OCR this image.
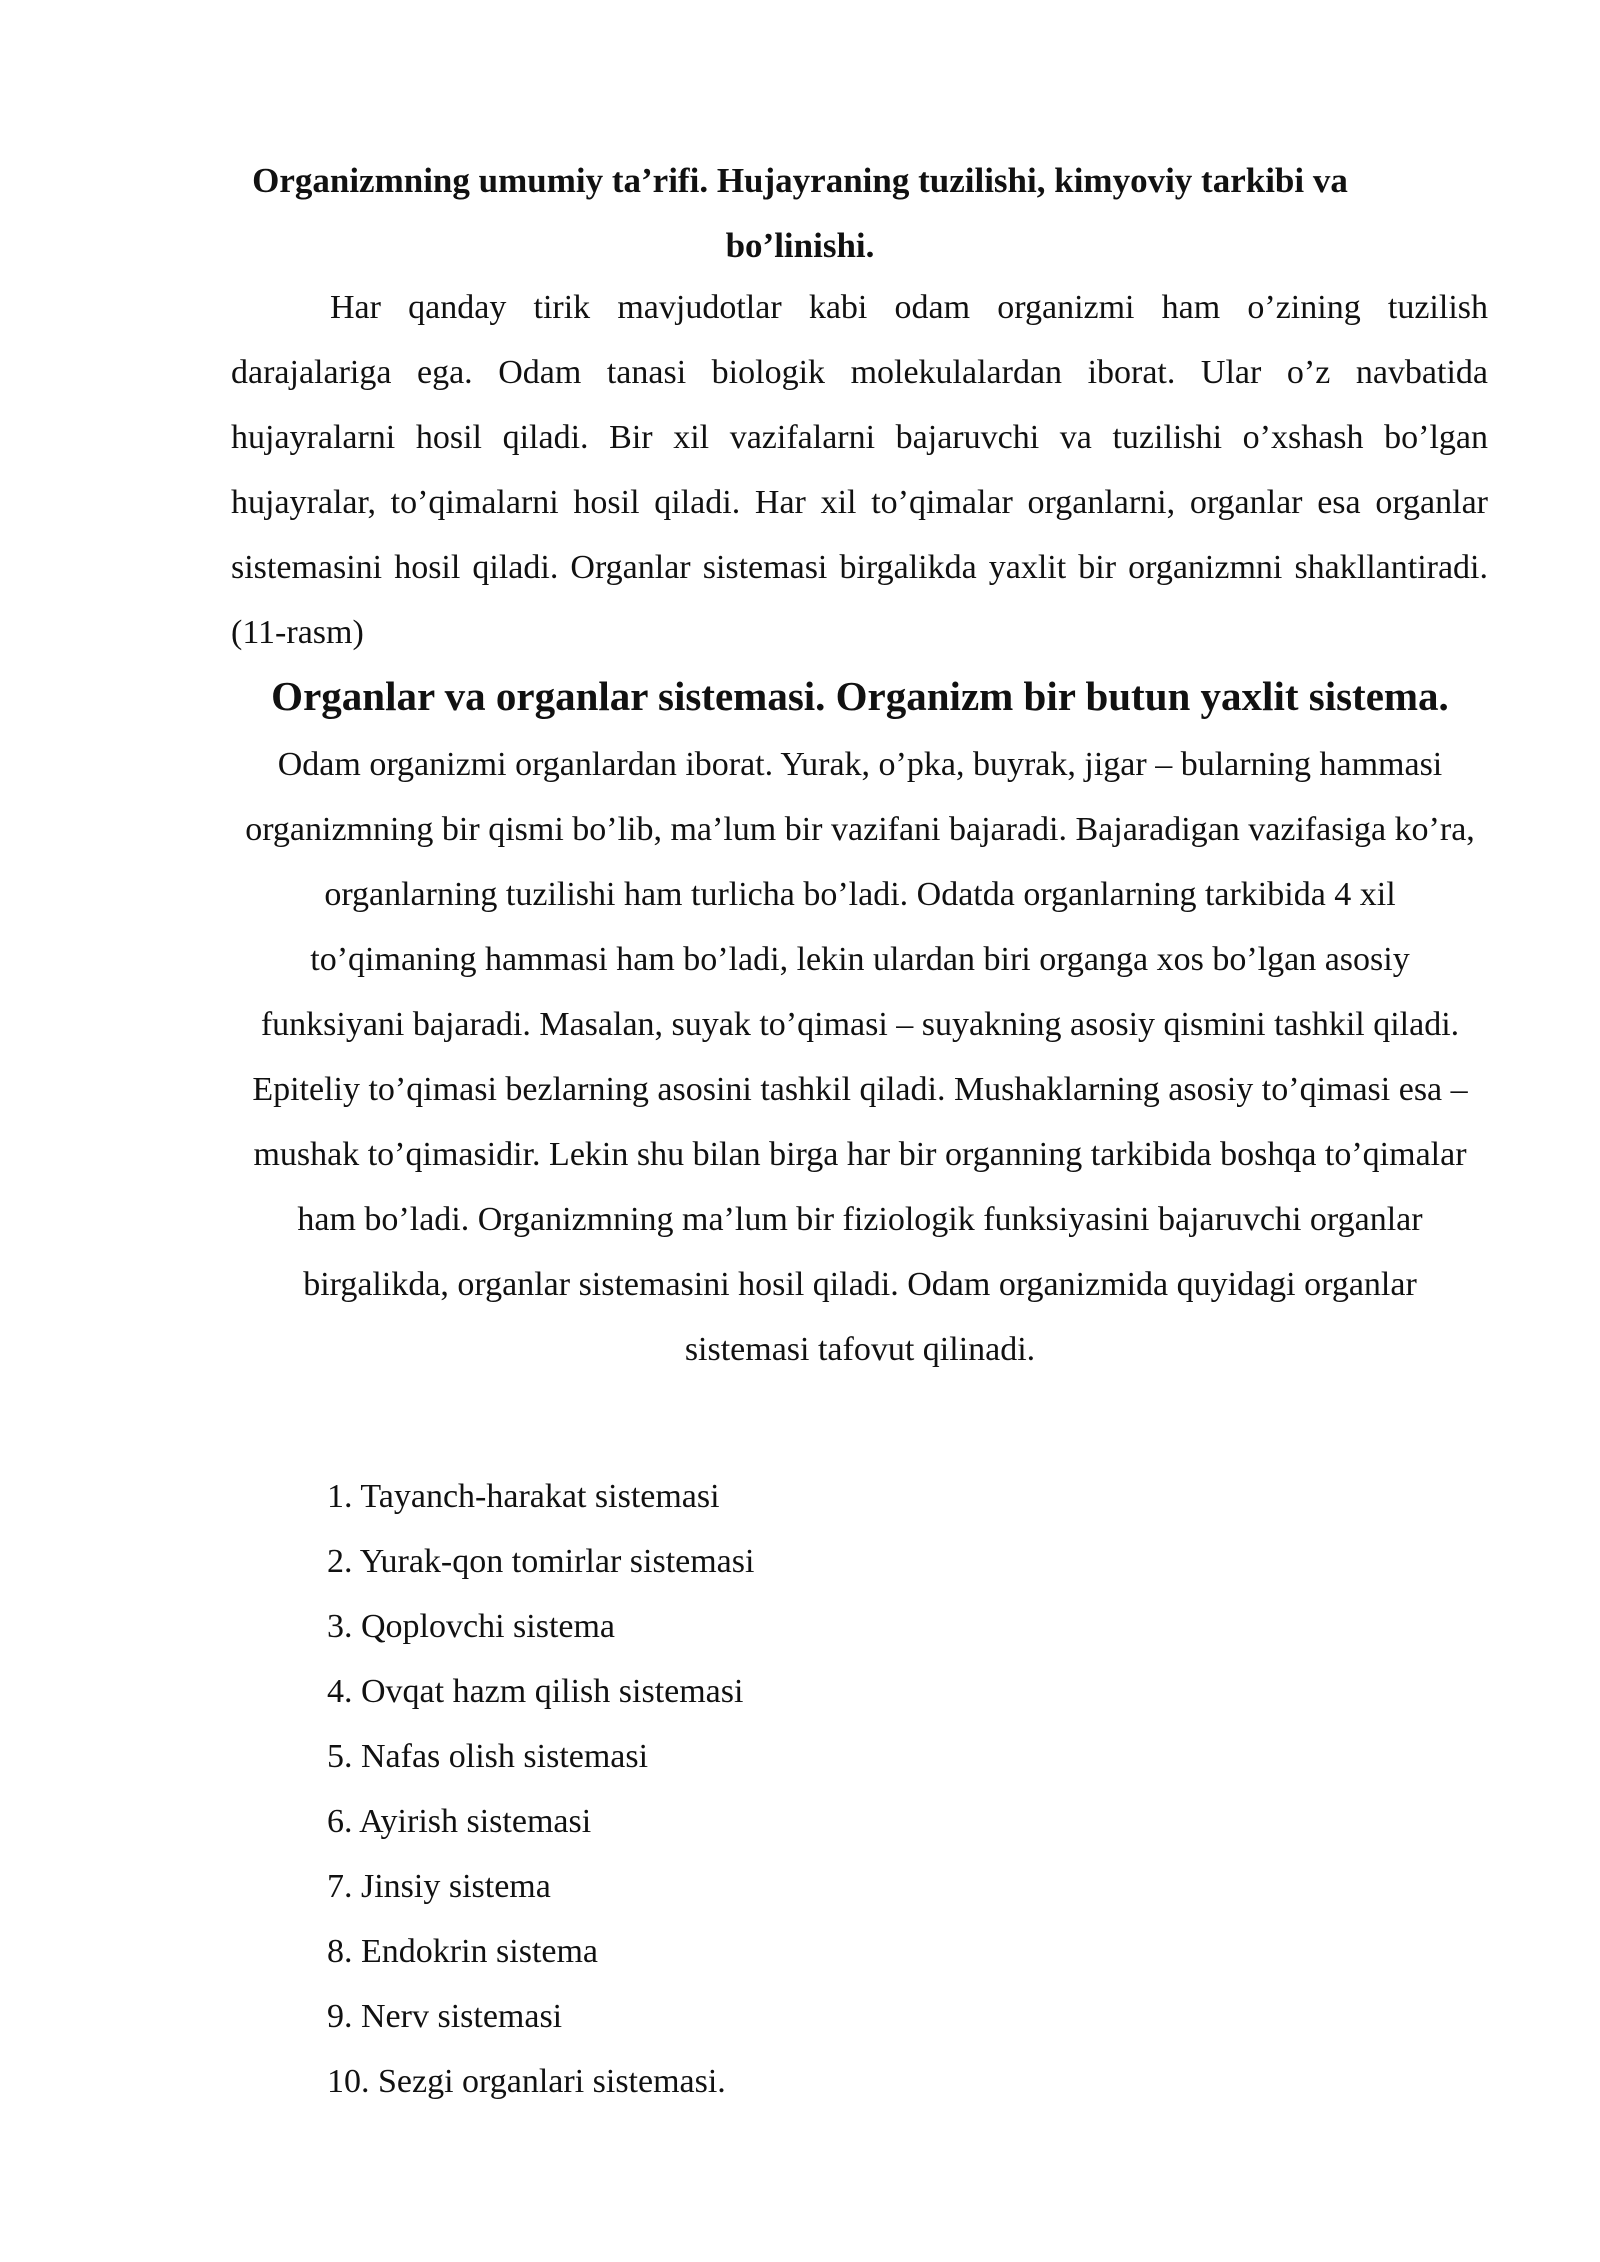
Organizmning umumiy ta’rifi. Hujayraning tuzilishi, kimyoviy tarkibi va bo’linishi.

Har qanday tirik mavjudotlar kabi odam organizmi ham o’zining tuzilish darajalariga ega. Odam tanasi biologik molekulalardan iborat. Ular o’z navbatida hujayralarni hosil qiladi. Bir xil vazifalarni bajaruvchi va tuzilishi o’xshash bo’lgan hujayralar, to’qimalarni hosil qiladi. Har xil to’qimalar organlarni, organlar esa organlar sistemasini hosil qiladi. Organlar sistemasi birgalikda yaxlit bir organizmni shakllantiradi. (11-rasm)

Organlar va organlar sistemasi. Organizm bir butun yaxlit sistema. Odam organizmi organlardan iborat. Yurak, o’pka, buyrak, jigar – bularning hammasi organizmning bir qismi bo’lib, ma’lum bir vazifani bajaradi. Bajaradigan vazifasiga ko’ra, organlarning tuzilishi ham turlicha bo’ladi. Odatda organlarning tarkibida 4 xil to’qimaning hammasi ham bo’ladi, lekin ulardan biri organga xos bo’lgan asosiy funksiyani bajaradi. Masalan, suyak to’qimasi – suyakning asosiy qismini tashkil qiladi. Epiteliy to’qimasi bezlarning asosini tashkil qiladi. Mushaklarning asosiy to’qimasi esa – mushak to’qimasidir. Lekin shu bilan birga har bir organning tarkibida boshqa to’qimalar ham bo’ladi. Organizmning ma’lum bir fiziologik funksiyasini bajaruvchi organlar birgalikda, organlar sistemasini hosil qiladi. Odam organizmida quyidagi organlar sistemasi tafovut qilinadi.

1. Tayanch-harakat sistemasi
2. Yurak-qon tomirlar sistemasi
3. Qoplovchi sistema
4. Ovqat hazm qilish sistemasi
5. Nafas olish sistemasi
6. Ayirish sistemasi
7. Jinsiy sistema
8. Endokrin sistema
9. Nerv sistemasi
10. Sezgi organlari sistemasi.
